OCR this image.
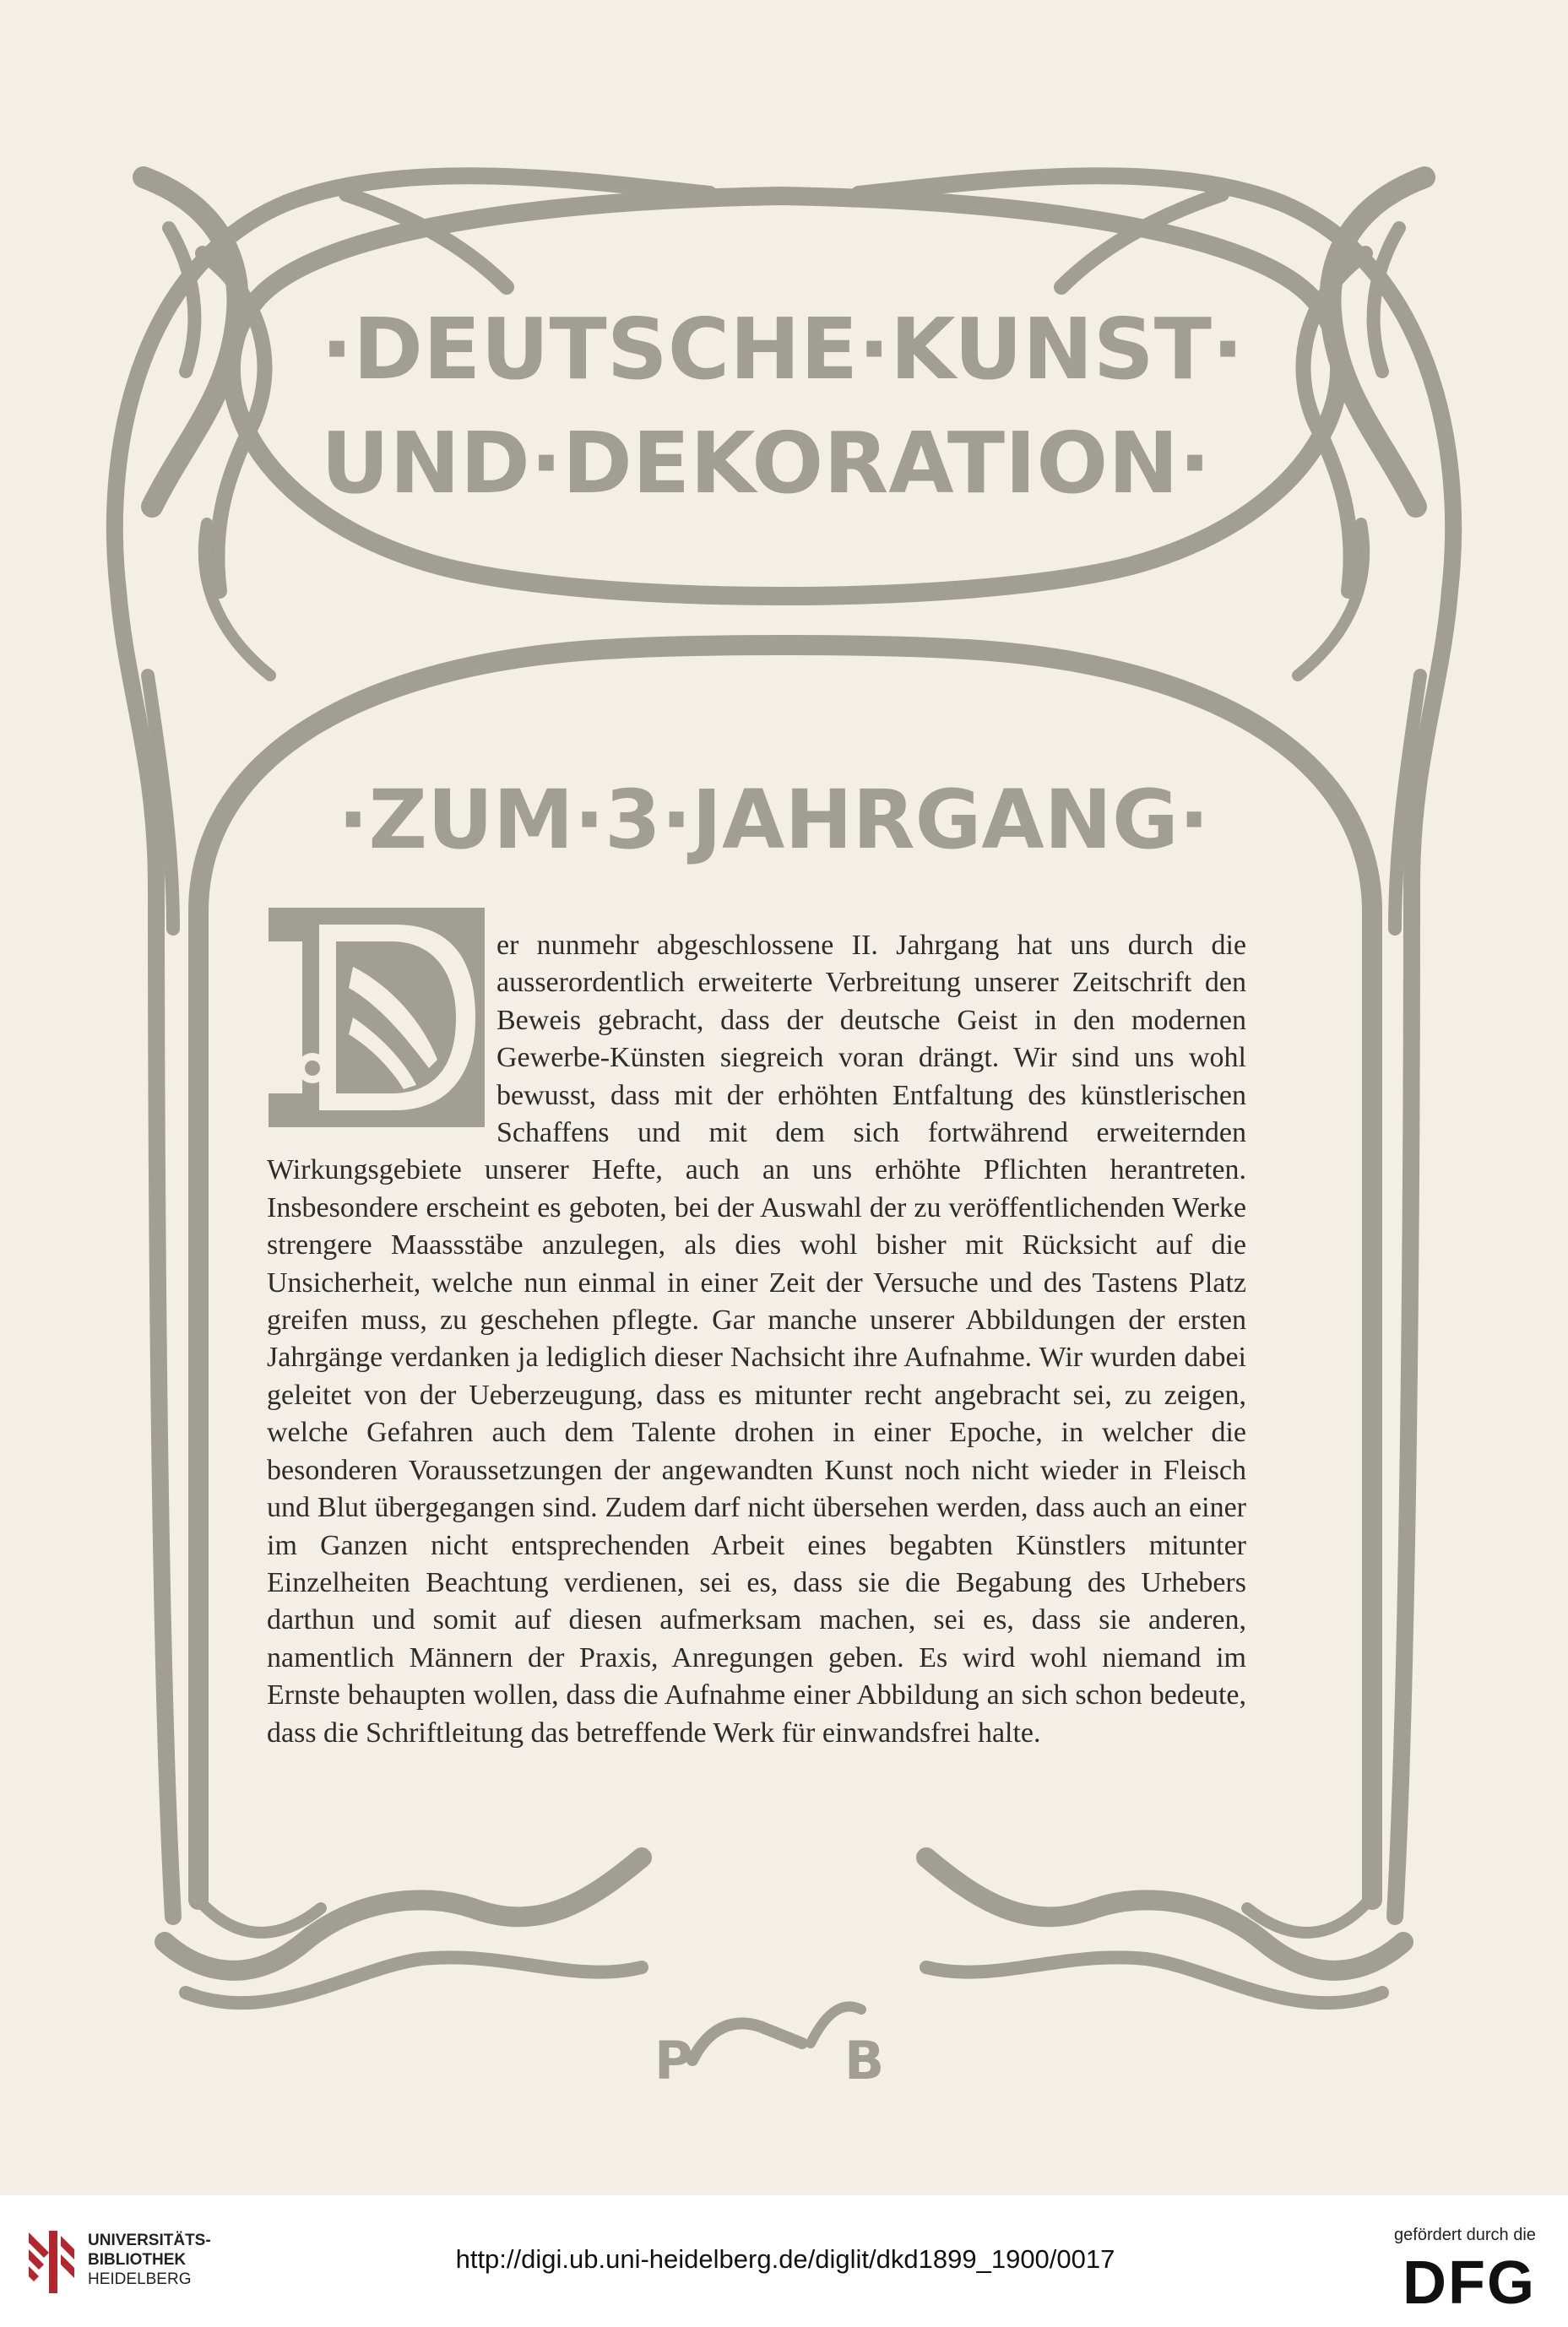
P	B
·DEUTSCHE·KUNST·
UND·DEKORATION·
·ZUM·3·JAHRGANG·

er nunmehr abgeschlossene II. Jahrgang hat uns durch die ausserordentlich erweiterte Verbreitung unserer Zeitschrift den Beweis gebracht, dass der deutsche Geist in den modernen Gewerbe-Künsten siegreich voran drängt. Wir sind uns wohl bewusst, dass mit der erhöhten Entfaltung des künstlerischen Schaffens und mit dem sich fortwährend erweiternden Wirkungsgebiete unserer Hefte, auch an uns erhöhte Pflichten herantreten. Insbesondere erscheint es geboten, bei der Auswahl der zu veröffentlichenden Werke strengere Maassstäbe anzulegen, als dies wohl bisher mit Rücksicht auf die Unsicherheit, welche nun einmal in einer Zeit der Versuche und des Tastens Platz greifen muss, zu geschehen pflegte. Gar manche unserer Abbildungen der ersten Jahrgänge verdanken ja lediglich dieser Nachsicht ihre Aufnahme. Wir wurden dabei geleitet von der Ueberzeugung, dass es mitunter recht angebracht sei, zu zeigen, welche Gefahren auch dem Talente drohen in einer Epoche, in welcher die besonderen Voraussetzungen der angewandten Kunst noch nicht wieder in Fleisch und Blut übergegangen sind. Zudem darf nicht übersehen werden, dass auch an einer im Ganzen nicht entsprechenden Arbeit eines begabten Künstlers mitunter Einzelheiten Beachtung verdienen, sei es, dass sie die Begabung des Urhebers darthun und somit auf diesen aufmerksam machen, sei es, dass sie anderen, namentlich Männern der Praxis, Anregungen geben. Es wird wohl niemand im Ernste behaupten wollen, dass die Aufnahme einer Abbildung an sich schon bedeute, dass die Schriftleitung das betreffende Werk für einwandsfrei halte.

UNIVERSITÄTS-
BIBLIOTHEK
HEIDELBERG
http://digi.ub.uni-heidelberg.de/diglit/dkd1899_1900/0017
gefördert durch die
DFG
